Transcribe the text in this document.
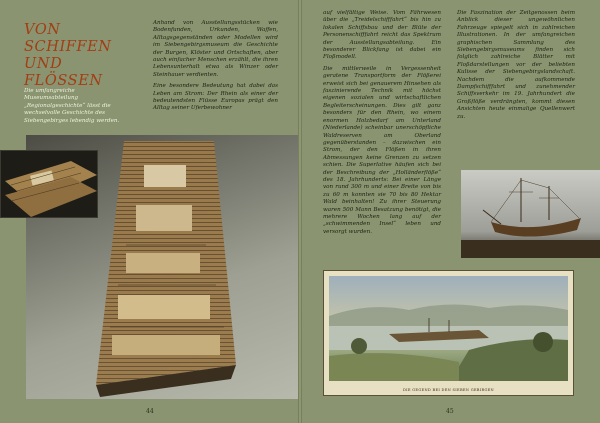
VON SCHIFFEN UND FLÖSSEN
Die umfangreiche Museumsabteilung „Regionalgeschichte“ lässt die wechselvolle Geschichte des Siebengebirges lebendig werden.

Anhand von Ausstellungsstücken wie Bodenfunden, Urkunden, Waffen, Alltagsgegenständen oder Modellen wird im Siebengebirgsmuseum die Geschichte der Burgen, Klöster und Ortschaften, aber auch einfacher Menschen erzählt, die ihren Lebensunterhalt etwa als Winzer oder Steinhauer verdienten.

Eine besondere Bedeutung hat dabei das Leben am Strom: Der Rhein als einer der bedeutendsten Flüsse Europas prägt den Alltag seiner Uferbewohner

auf vielfältige Weise. Vom Fährwesen über die „Treidelschifffahrt“ bis hin zu lokalen Schiffsbau und der Blüte der Personenschifffahrt reicht das Spektrum der Ausstellungsabteilung. Ein besonderer Blickfang ist dabei ein Floßmodell.

Die mittlerweile in Vergessenheit geratene Transportform der Flößerei erweist sich bei genauerem Hinsehen als faszinierende Technik mit höchst eigenen sozialen und wirtschaftlichen Begleiterscheinungen. Dies gilt ganz besonders für den Rhein, wo einem enormen Holzbedarf am Unterland (Niederlande) scheinbar unerschöpfliche Waldreserven am Oberland gegenüberstanden – dazwischen ein Strom, der den Flößen in ihren Abmessungen keine Grenzen zu setzen schien. Die Superlative häufen sich bei der Beschreibung der „Holländerflöße“ des 18. Jahrhunderts: Bei einer Länge von rund 300 m und einer Breite von bis zu 60 m konnten sie 70 bis 80 Hektar Wald beinhalten! Zu ihrer Steuerung waren 500 Mann Besatzung benötigt, die mehrere Wochen lang auf der „schwimmenden Insel“ leben und versorgt wurden.

Die Faszination der Zeitgenossen beim Anblick dieser ungewöhnlichen Fahrzeuge spiegelt sich in zahlreichen Illustrationen. In der umfangreichen graphischen Sammlung des Siebengebirgsmuseums finden sich folglich zahlreiche Blätter mit Floßdarstellungen vor der beliebten Kulisse der Siebengebirgslandschaft. Nachdem die aufkommende Dampfschifffahrt und zunehmender Schiffsverkehr im 19. Jahrhundert die Großflöße verdrängten, kommt diesen Ansichten heute einmalige Quellenwert zu.

DIE GEGEND BEI DEN SIEBEN GEBIRGEN
44	45
